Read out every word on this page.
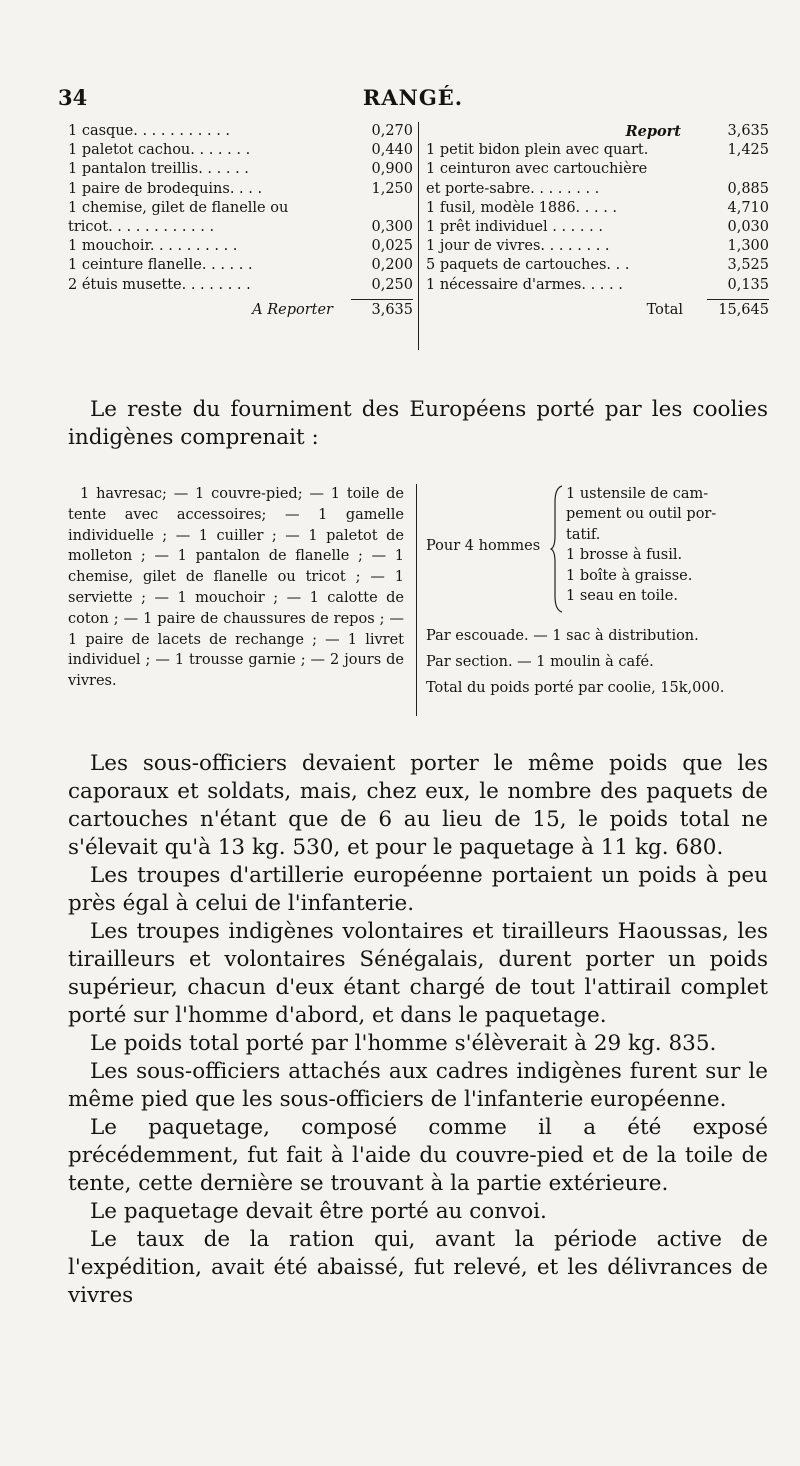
34	RANGÉ.
1 casque. . . . . . . . . . .	0,270
1 paletot cachou. . . . . . .	0,440
1 pantalon treillis. . . . . .	0,900
1 paire de brodequins. . . .	1,250
1 chemise, gilet de flanelle ou
tricot. . . . . . . . . . . .	0,300
1 mouchoir. . . . . . . . . .	0,025
1 ceinture flanelle. . . . . .	0,200
2 étuis musette. . . . . . . .	0,250
A Reporter	3,635
Report	3,635
1 petit bidon plein avec quart.	1,425
1 ceinturon avec cartouchière
et porte-sabre. . . . . . . .	0,885
1 fusil, modèle 1886. . . . .	4,710
1 prêt individuel . . . . . .	0,030
1 jour de vivres. . . . . . . .	1,300
5 paquets de cartouches. . .	3,525
1 nécessaire d'armes. . . . .	0,135
Total 15,645

Le reste du fourniment des Européens porté par les coolies indigènes comprenait :

1 havresac; — 1 couvre-pied; — 1 toile de tente avec accessoires; — 1 gamelle individuelle ; — 1 cuiller ; — 1 paletot de molleton ; — 1 pantalon de flanelle ; — 1 chemise, gilet de flanelle ou tricot ; — 1 serviette ; — 1 mouchoir ; — 1 calotte de coton ; — 1 paire de chaussures de repos ; — 1 paire de lacets de rechange ; — 1 livret individuel ; — 1 trousse garnie ; — 2 jours de vivres.

Pour 4 hommes
1 ustensile de cam-
pement ou outil por-
tatif.
1 brosse à fusil.
1 boîte à graisse.
1 seau en toile.
Par escouade. — 1 sac à distribution.
Par section. — 1 moulin à café.
Total du poids porté par coolie, 15k,000.

Les sous-officiers devaient porter le même poids que les caporaux et soldats, mais, chez eux, le nombre des paquets de cartouches n'étant que de 6 au lieu de 15, le poids total ne s'élevait qu'à 13 kg. 530, et pour le paquetage à 11 kg. 680.

Les troupes d'artillerie européenne portaient un poids à peu près égal à celui de l'infanterie.

Les troupes indigènes volontaires et tirailleurs Haoussas, les tirailleurs et volontaires Sénégalais, durent porter un poids supérieur, chacun d'eux étant chargé de tout l'attirail complet porté sur l'homme d'abord, et dans le paquetage.

Le poids total porté par l'homme s'élèverait à 29 kg. 835.

Les sous-officiers attachés aux cadres indigènes furent sur le même pied que les sous-officiers de l'infanterie européenne.

Le paquetage, composé comme il a été exposé précédemment, fut fait à l'aide du couvre-pied et de la toile de tente, cette dernière se trouvant à la partie extérieure.

Le paquetage devait être porté au convoi.

Le taux de la ration qui, avant la période active de l'expédition, avait été abaissé, fut relevé, et les délivrances de vivres
